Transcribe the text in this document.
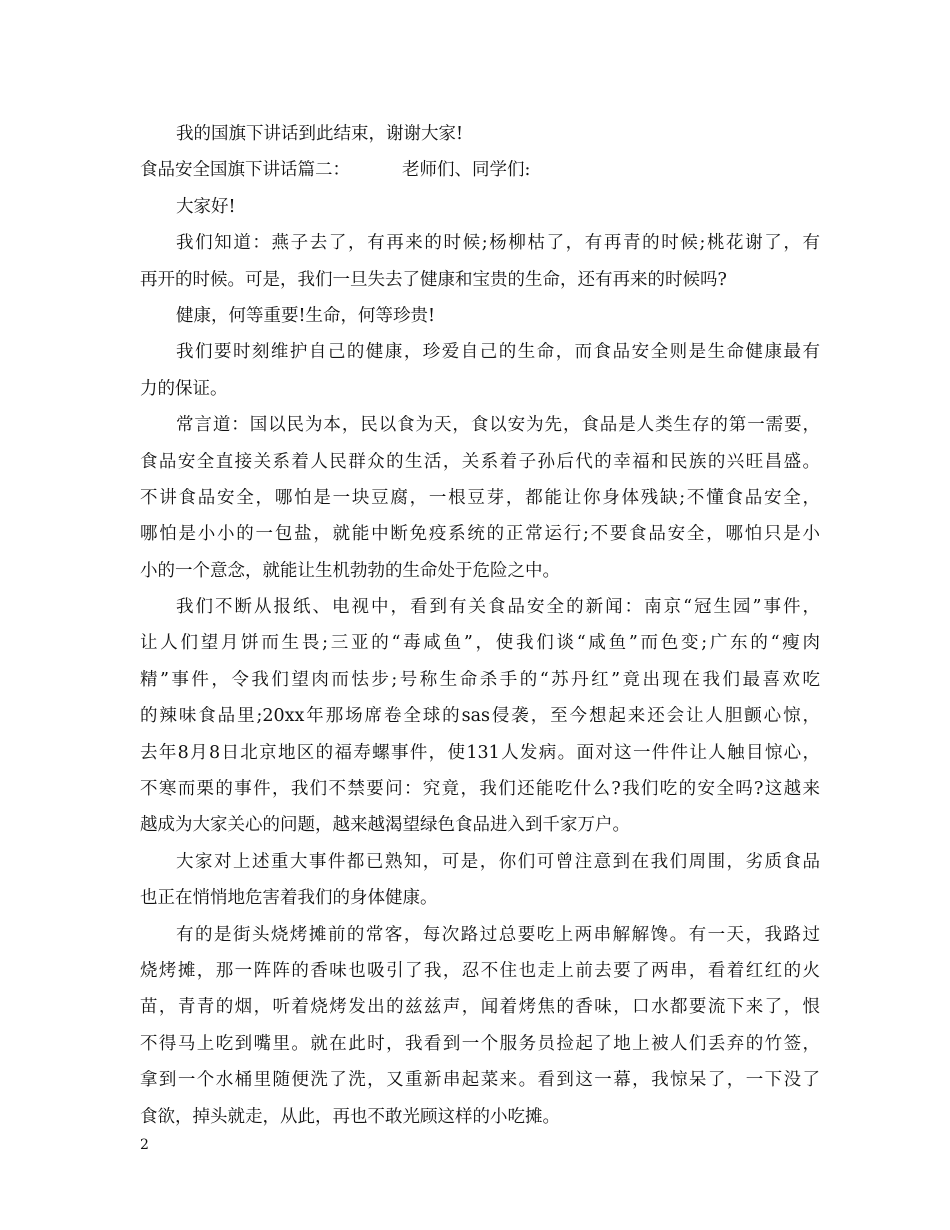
我的国旗下讲话到此结束，谢谢大家!
食品安全国旗下讲话篇二：	老师们、同学们:
大家好!
我们知道：燕子去了，有再来的时候;杨柳枯了，有再青的时候;桃花谢了，有
再开的时候。可是，我们一旦失去了健康和宝贵的生命，还有再来的时候吗?
健康，何等重要!生命，何等珍贵!
我们要时刻维护自己的健康，珍爱自己的生命，而食品安全则是生命健康最有
力的保证。
常言道：国以民为本，民以食为天，食以安为先，食品是人类生存的第一需要，
食品安全直接关系着人民群众的生活，关系着子孙后代的幸福和民族的兴旺昌盛。
不讲食品安全，哪怕是一块豆腐，一根豆芽，都能让你身体残缺;不懂食品安全，
哪怕是小小的一包盐，就能中断免疫系统的正常运行;不要食品安全，哪怕只是小
小的一个意念，就能让生机勃勃的生命处于危险之中。
我们不断从报纸、电视中，看到有关食品安全的新闻：南京“冠生园”事件，
让人们望月饼而生畏;三亚的“毒咸鱼”，使我们谈“咸鱼”而色变;广东的“瘦肉
精”事件，令我们望肉而怯步;号称生命杀手的“苏丹红”竟出现在我们最喜欢吃
的辣味食品里;20xx年那场席卷全球的sas侵袭，至今想起来还会让人胆颤心惊，
去年8月8日北京地区的福寿螺事件，使131人发病。面对这一件件让人触目惊心，
不寒而栗的事件，我们不禁要问：究竟，我们还能吃什么?我们吃的安全吗?这越来
越成为大家关心的问题，越来越渴望绿色食品进入到千家万户。
大家对上述重大事件都已熟知，可是，你们可曾注意到在我们周围，劣质食品
也正在悄悄地危害着我们的身体健康。
有的是街头烧烤摊前的常客，每次路过总要吃上两串解解馋。有一天，我路过
烧烤摊，那一阵阵的香味也吸引了我，忍不住也走上前去要了两串，看着红红的火
苗，青青的烟，听着烧烤发出的兹兹声，闻着烤焦的香味，口水都要流下来了，恨
不得马上吃到嘴里。就在此时，我看到一个服务员捡起了地上被人们丢弃的竹签，
拿到一个水桶里随便洗了洗，又重新串起菜来。看到这一幕，我惊呆了，一下没了
食欲，掉头就走，从此，再也不敢光顾这样的小吃摊。
2
